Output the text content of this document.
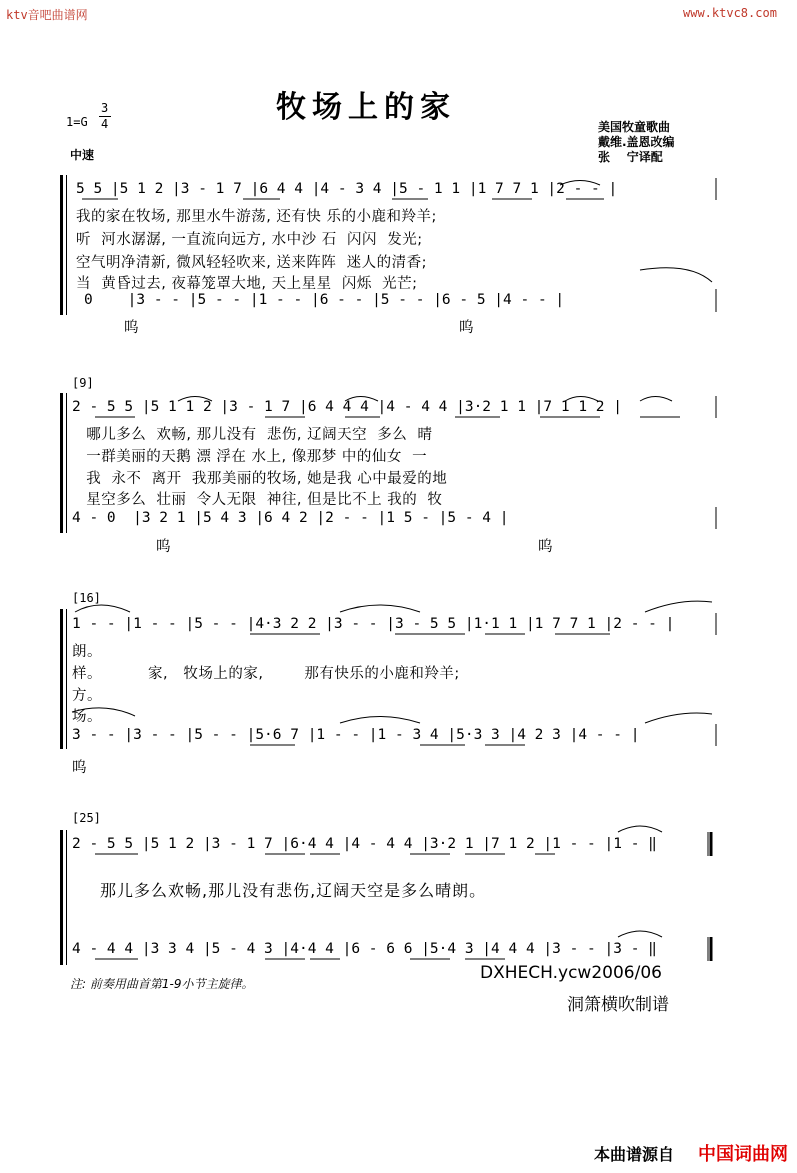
ktv音吧曲谱网	www.ktvc8.com
牧场上的家
1=G
3
4
中速
美国牧童歌曲
戴维.盖恩改编
张    宁译配
5 5 |5 1 2 |3 - 1 7 |6 4 4 |4 - 3 4 |5 - 1 1 |1 7 7 1 |2 - - |
我的家在牧场, 那里水牛游荡, 还有快 乐的小鹿和羚羊;
听  河水潺潺, 一直流向远方, 水中沙 石  闪闪  发光;
空气明净清新, 微风轻轻吹来, 送来阵阵  迷人的清香;
当  黄昏过去, 夜幕笼罩大地, 天上星星  闪烁  光芒;
0    |3 - - |5 - - |1 - - |6 - - |5 - - |6 - 5 |4 - - |
呜	呜
[9]
2 - 5 5 |5 1 1 2 |3 - 1 7 |6 4 4 4 |4 - 4 4 |3·2 1 1 |7 1 1 2 |
哪儿多么  欢畅, 那儿没有  悲伤, 辽阔天空  多么  晴
一群美丽的天鹅 漂 浮在 水上, 像那梦 中的仙女  一
我  永不  离开  我那美丽的牧场, 她是我 心中最爱的地
星空多么  壮丽  令人无限  神往, 但是比不上 我的  牧
4 - 0  |3 2 1 |5 4 3 |6 4 2 |2 - - |1 5 - |5 - 4 |
呜	呜
[16]
1 - - |1 - - |5 - - |4·3 2 2 |3 - - |3 - 5 5 |1·1 1 |1 7 7 1 |2 - - |
朗。
样。         家,   牧场上的家,        那有快乐的小鹿和羚羊;
方。
场。
3 - - |3 - - |5 - - |5·6 7 |1 - - |1 - 3 4 |5·3 3 |4 2 3 |4 - - |
呜
[25]
2 - 5 5 |5 1 2 |3 - 1 7 |6·4 4 |4 - 4 4 |3·2 1 |7 1 2 |1 - - |1 - ‖
那儿多么欢畅,那儿没有悲伤,辽阔天空是多么晴朗。
4 - 4 4 |3 3 4 |5 - 4 3 |4·4 4 |6 - 6 6 |5·4 3 |4 4 4 |3 - - |3 - ‖
注: 前奏用曲首第1-9小节主旋律。
DXHECH.ycw2006/06
洞箫横吹制谱
本曲谱源自 中国词曲网
